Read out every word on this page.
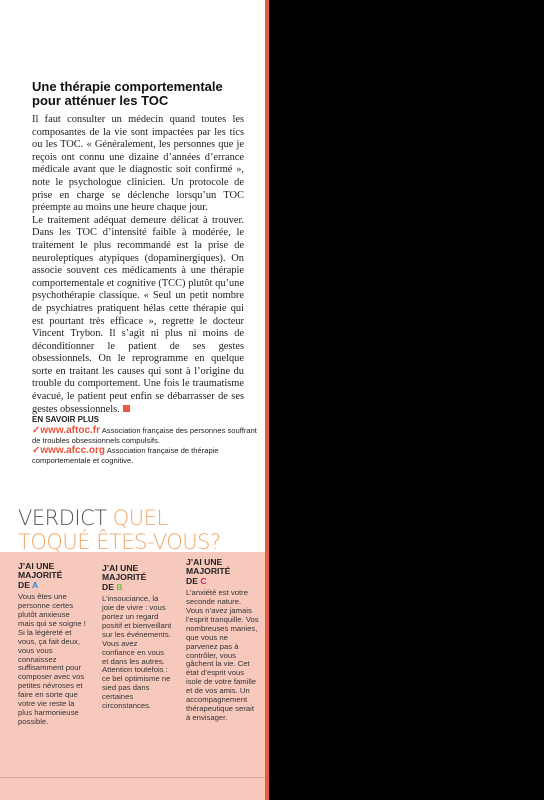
Une thérapie comportementale
pour atténuer les TOC

Il faut consulter un médecin quand toutes les composantes de la vie sont impactées par les tics ou les TOC. « Généralement, les personnes que je reçois ont connu une dizaine d’années d’errance médicale avant que le diagnostic soit confirmé », note le psychologue clinicien. Un protocole de prise en charge se déclenche lorsqu’un TOC préempte au moins une heure chaque jour.

Le traitement adéquat demeure délicat à trouver. Dans les TOC d’intensité faible à modérée, le traitement le plus recommandé est la prise de neuroleptiques atypiques (dopaminergiques). On associe souvent ces médicaments à une thérapie comportementale et cognitive (TCC) plutôt qu’une psychothérapie classique. « Seul un petit nombre de psychiatres pratiquent hélas cette thérapie qui est pourtant très efficace », regrette le docteur Vincent Trybon. Il s’agit ni plus ni moins de déconditionner le patient de ses gestes obsessionnels. On le reprogramme en quelque sorte en traitant les causes qui sont à l’origine du trouble du comportement. Une fois le traumatisme évacué, le patient peut enfin se débarrasser de ses gestes obsessionnels.

EN SAVOIR PLUS
✓www.aftoc.fr Association française des personnes souffrant de troubles obsessionnels compulsifs.
✓www.afcc.org Association française de thérapie comportementale et cognitive.
VERDICT QUEL
TOQUÉ ÊTES-VOUS?
J’AI UNE
MAJORITÉ
DE A
Vous êtes une personne certes plutôt anxieuse mais qui se soigne ! Si la légèreté et vous, ça fait deux, vous vous connaissez suffisamment pour composer avec vos petites névroses et faire en sorte que votre vie reste la plus harmonieuse possible.
J’AI UNE
MAJORITÉ
DE B
L’insouciance, la joie de vivre : vous portez un regard positif et bienveillant sur les événements. Vous avez confiance en vous et dans les autres. Attention toutefois : ce bel optimisme ne sied pas dans certaines circonstances.
J’AI UNE
MAJORITÉ
DE C
L’anxiété est votre seconde nature. Vous n’avez jamais l’esprit tranquille. Vos nombreuses manies, que vous ne parvenez pas à contrôler, vous gâchent la vie. Cet état d’esprit vous isole de votre famille et de vos amis. Un accompagnement thérapeutique serait à envisager.
